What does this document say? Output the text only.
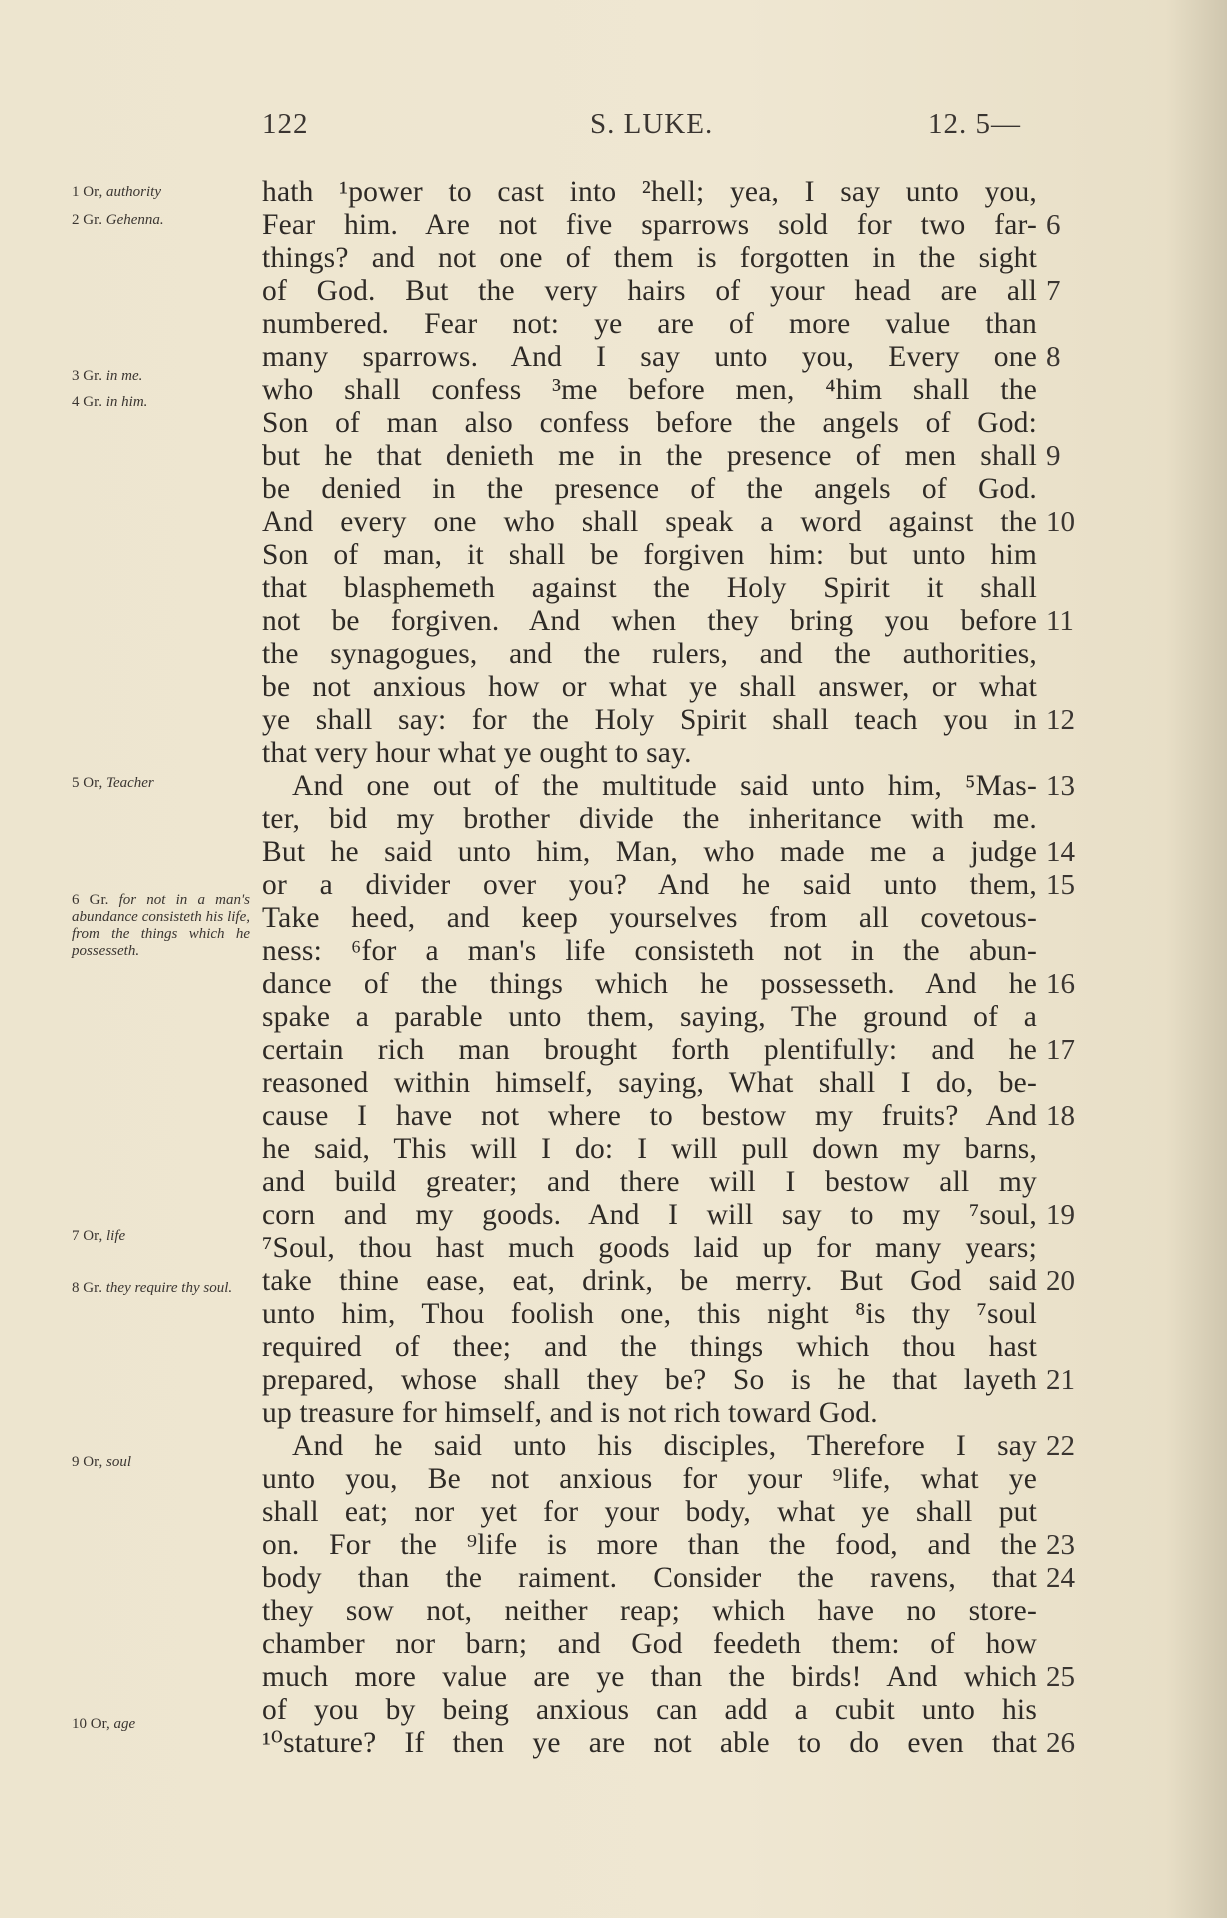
122	S. LUKE.	12. 5—
hath ¹power to cast into ²hell; yea, I say unto you,
Fear him. Are not five sparrows sold for two far-
things? and not one of them is forgotten in the sight
of God. But the very hairs of your head are all
numbered. Fear not: ye are of more value than
many sparrows. And I say unto you, Every one
who shall confess ³me before men, ⁴him shall the
Son of man also confess before the angels of God:
but he that denieth me in the presence of men shall
be denied in the presence of the angels of God.
And every one who shall speak a word against the
Son of man, it shall be forgiven him: but unto him
that blasphemeth against the Holy Spirit it shall
not be forgiven. And when they bring you before
the synagogues, and the rulers, and the authorities,
be not anxious how or what ye shall answer, or what
ye shall say: for the Holy Spirit shall teach you in
that very hour what ye ought to say.
And one out of the multitude said unto him, ⁵Mas-
ter, bid my brother divide the inheritance with me.
But he said unto him, Man, who made me a judge
or a divider over you? And he said unto them,
Take heed, and keep yourselves from all covetous-
ness: ⁶for a man's life consisteth not in the abun-
dance of the things which he possesseth. And he
spake a parable unto them, saying, The ground of a
certain rich man brought forth plentifully: and he
reasoned within himself, saying, What shall I do, be-
cause I have not where to bestow my fruits? And
he said, This will I do: I will pull down my barns,
and build greater; and there will I bestow all my
corn and my goods. And I will say to my ⁷soul,
⁷Soul, thou hast much goods laid up for many years;
take thine ease, eat, drink, be merry. But God said
unto him, Thou foolish one, this night ⁸is thy ⁷soul
required of thee; and the things which thou hast
prepared, whose shall they be? So is he that layeth
up treasure for himself, and is not rich toward God.
And he said unto his disciples, Therefore I say
unto you, Be not anxious for your ⁹life, what ye
shall eat; nor yet for your body, what ye shall put
on. For the ⁹life is more than the food, and the
body than the raiment. Consider the ravens, that
they sow not, neither reap; which have no store-
chamber nor barn; and God feedeth them: of how
much more value are ye than the birds! And which
of you by being anxious can add a cubit unto his
¹⁰stature? If then ye are not able to do even that
6
7
8
9
10
11
12
13
14
15
16
17
18
19
20
21
22
23
24
25
26
1 Or, authority
2 Gr. Gehenna.
3 Gr. in me.
4 Gr. in him.
5 Or, Teacher
6 Gr. for not in a man's abundance consisteth his life, from the things which he possesseth.
7 Or, life
8 Gr. they require thy soul.
9 Or, soul
10 Or, age
